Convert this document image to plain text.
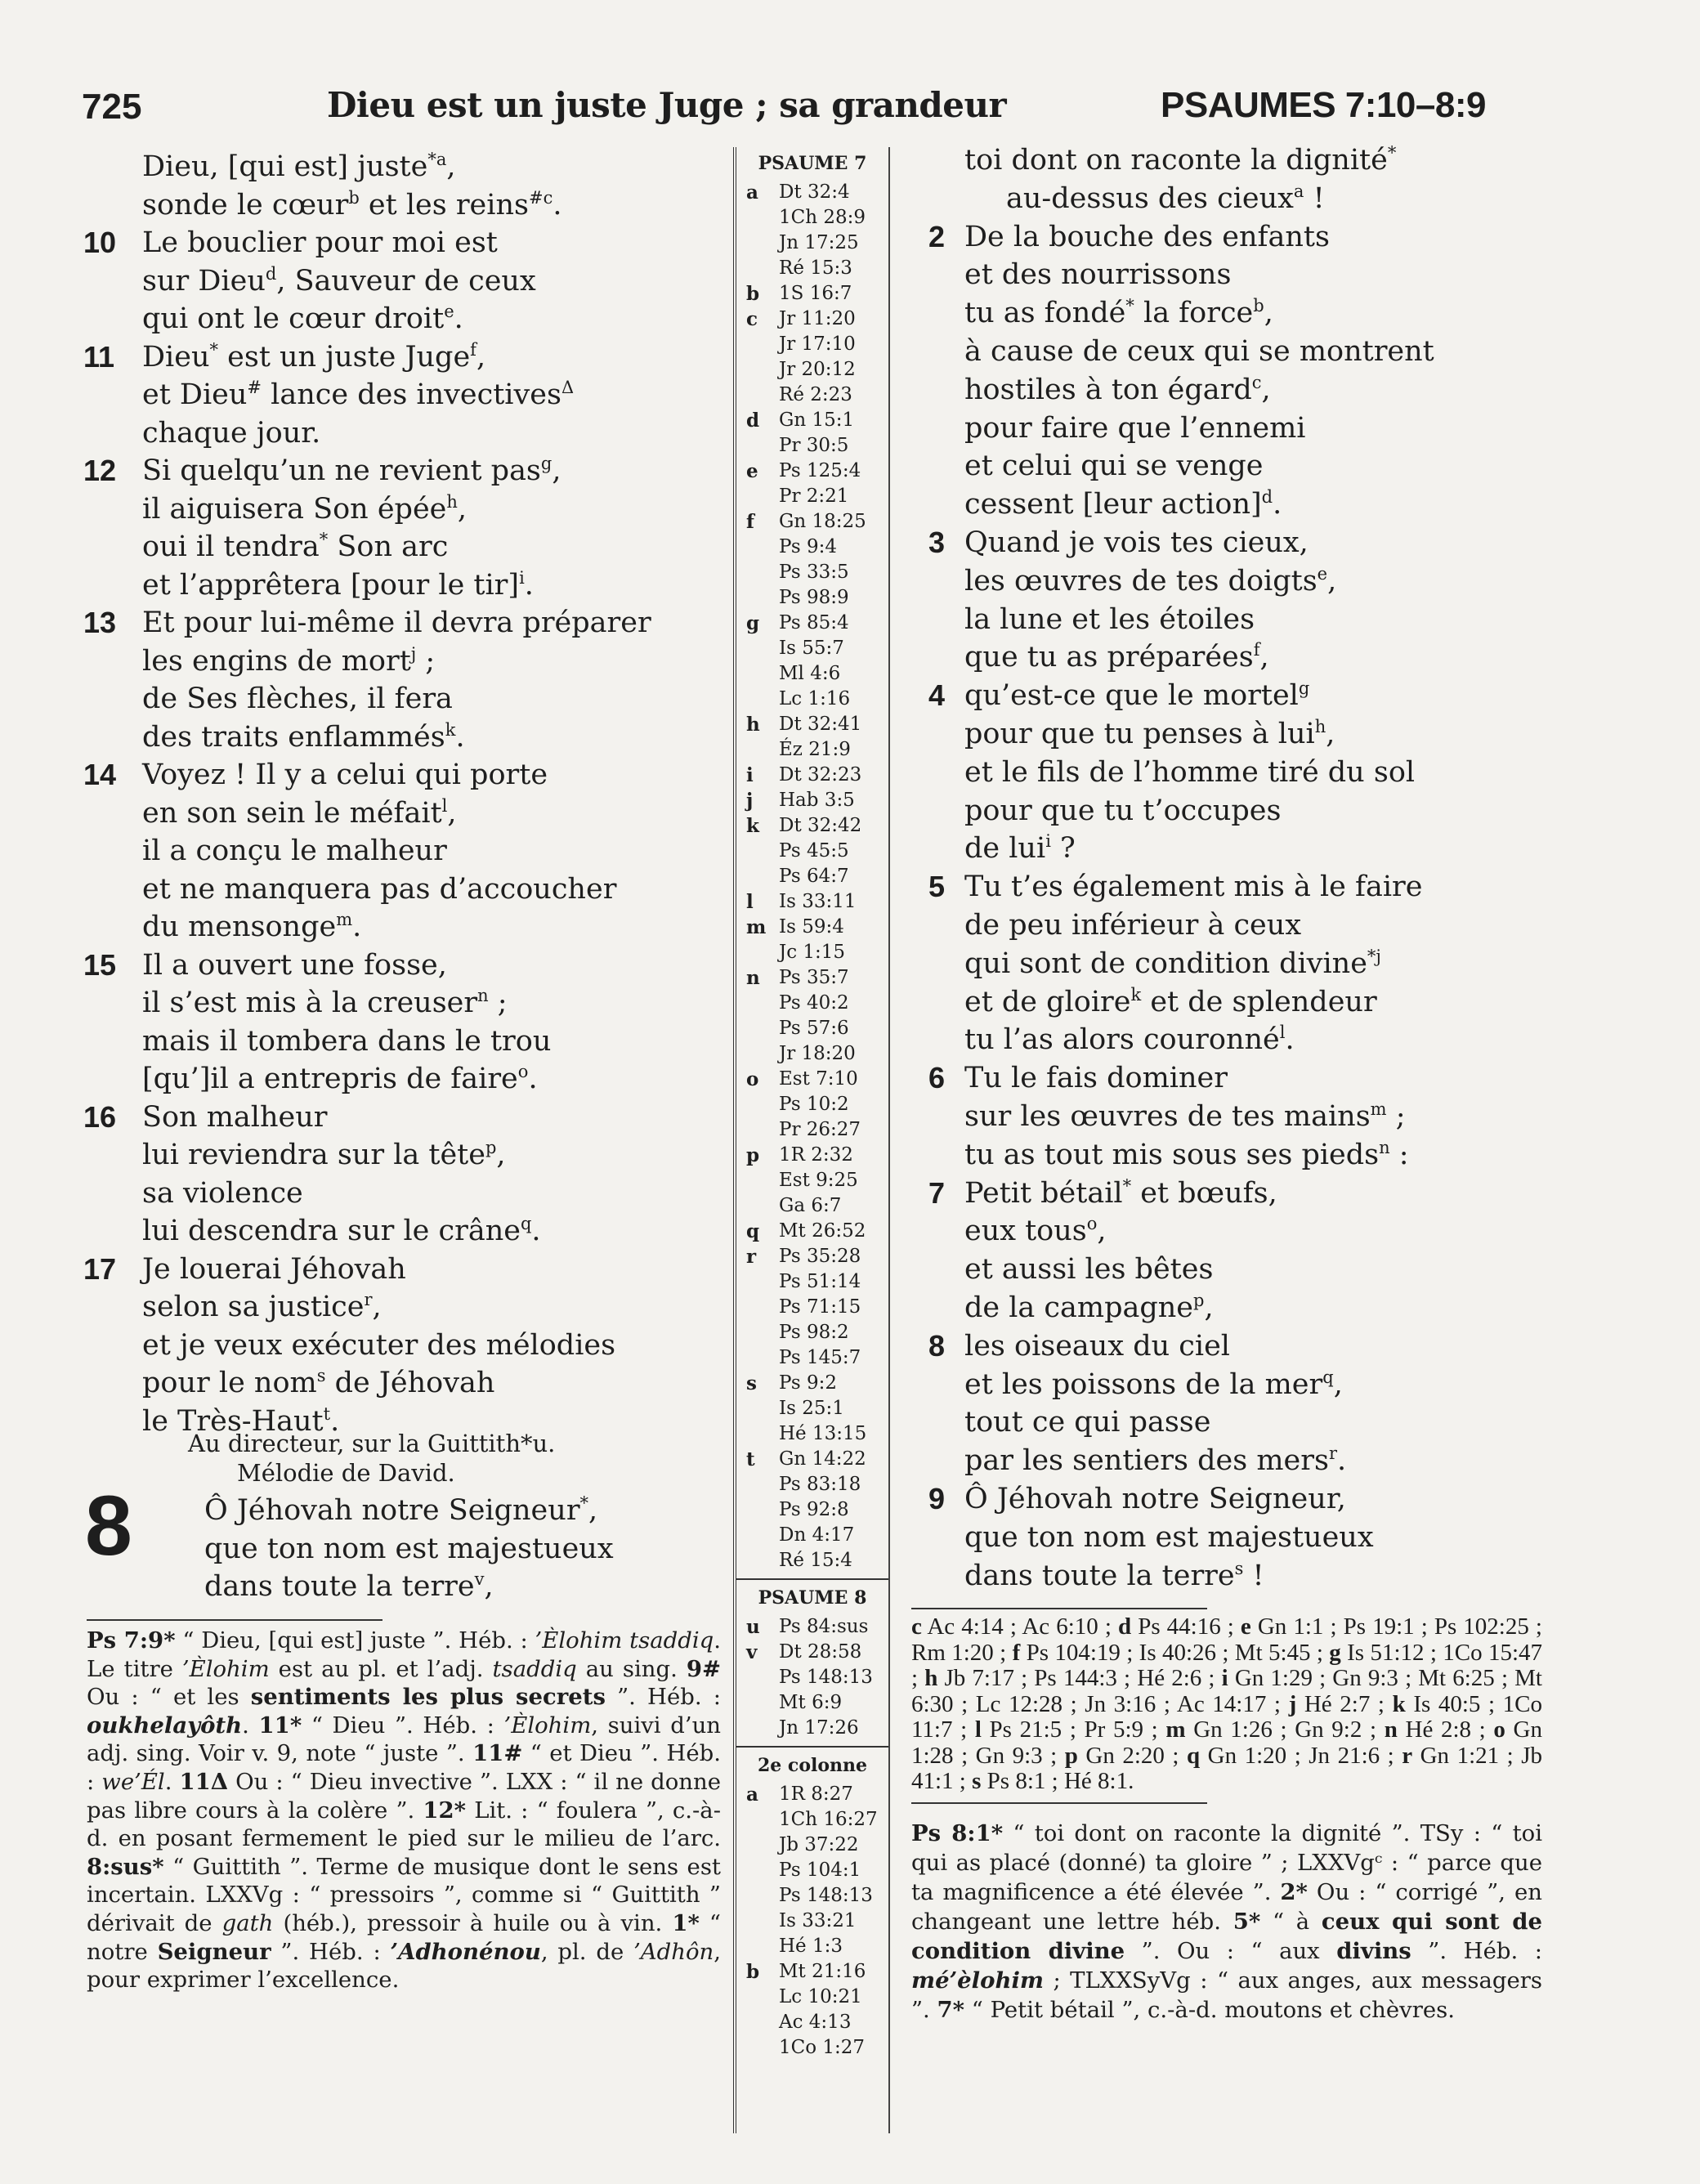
725	Dieu est un juste Juge ; sa grandeur	PSAUMES 7:10–8:9
Dieu, [qui est] juste$^{*a}$,
sonde le cœur$^b$ et les reins$^{\#c}$.
10 Le bouclier pour moi est
sur Dieu$^d$, Sauveur de ceux
qui ont le cœur droit$^e$.
11 Dieu* est un juste Juge$^f$,
et Dieu# lance des invectives$^\Delta$
chaque jour.
12 Si quelqu’un ne revient pas$^g$,
il aiguisera Son épée$^h$,
oui il tendra* Son arc
et l’apprêtera [pour le tir]$^i$.
13 Et pour lui-même il devra préparer
les engins de mort$^j$ ;
de Ses flèches, il fera
des traits enflammés$^k$.
14 Voyez ! Il y a celui qui porte
en son sein le méfait$^l$,
il a conçu le malheur
et ne manquera pas d’accoucher
du mensonge$^m$.
15 Il a ouvert une fosse,
il s’est mis à la creuser$^n$ ;
mais il tombera dans le trou
[qu’]il a entrepris de faire$^o$.
16 Son malheur
lui reviendra sur la tête$^p$,
sa violence
lui descendra sur le crâne$^q$.
17 Je louerai Jéhovah
selon sa justice$^r$,
et je veux exécuter des mélodies
pour le nom$^s$ de Jéhovah
le Très-Haut$^t$.
Au directeur, sur la Guittith*u.
Mélodie de David.
8	Ô Jéhovah notre Seigneur*,
que ton nom est majestueux
dans toute la terre$^v$,
PSAUME 7
a Dt 32:4
1Ch 28:9
Jn 17:25
Ré 15:3
b 1S 16:7
c Jr 11:20
Jr 17:10
Jr 20:12
Ré 2:23
d Gn 15:1
Pr 30:5
e Ps 125:4
Pr 2:21
f Gn 18:25
Ps 9:4
Ps 33:5
Ps 98:9
g Ps 85:4
Is 55:7
Ml 4:6
Lc 1:16
h Dt 32:41
Éz 21:9
i Dt 32:23
j Hab 3:5
k Dt 32:42
Ps 45:5
Ps 64:7
l Is 33:11
m Is 59:4
Jc 1:15
n Ps 35:7
Ps 40:2
Ps 57:6
Jr 18:20
o Est 7:10
Ps 10:2
Pr 26:27
p 1R 2:32
Est 9:25
Ga 6:7
q Mt 26:52
r Ps 35:28
Ps 51:14
Ps 71:15
Ps 98:2
Ps 145:7
s Ps 9:2
Is 25:1
Hé 13:15
t Gn 14:22
Ps 83:18
Ps 92:8
Dn 4:17
Ré 15:4
PSAUME 8
u Ps 84:sus
v Dt 28:58
Ps 148:13
Mt 6:9
Jn 17:26
2e colonne
a 1R 8:27
1Ch 16:27
Jb 37:22
Ps 104:1
Ps 148:13
Is 33:21
Hé 1:3
b Mt 21:16
Lc 10:21
Ac 4:13
1Co 1:27
toi dont on raconte la dignité*
au-dessus des cieux$^a$ !
2 De la bouche des enfants
et des nourrissons
tu as fondé* la force$^b$,
à cause de ceux qui se montrent
hostiles à ton égard$^c$,
pour faire que l’ennemi
et celui qui se venge
cessent [leur action]$^d$.
3 Quand je vois tes cieux,
les œuvres de tes doigts$^e$,
la lune et les étoiles
que tu as préparées$^f$,
4 qu’est-ce que le mortel$^g$
pour que tu penses à lui$^h$,
et le fils de l’homme tiré du sol
pour que tu t’occupes
de lui$^i$ ?
5 Tu t’es également mis à le faire
de peu inférieur à ceux
qui sont de condition divine$^{*j}$
et de gloire$^k$ et de splendeur
tu l’as alors couronné$^l$.
6 Tu le fais dominer
sur les œuvres de tes mains$^m$ ;
tu as tout mis sous ses pieds$^n$ :
7 Petit bétail* et bœufs,
eux tous$^o$,
et aussi les bêtes
de la campagne$^p$,
8 les oiseaux du ciel
et les poissons de la mer$^q$,
tout ce qui passe
par les sentiers des mers$^r$.
9 Ô Jéhovah notre Seigneur,
que ton nom est majestueux
dans toute la terre$^s$ !
Ps 7:9* “ Dieu, [qui est] juste ”. Héb. : ’Èlohim tsaddiq. Le titre ’Èlohim est au pl. et l’adj. tsaddiq au sing. 9# Ou : “ et les sentiments les plus secrets ”. Héb. : oukhelayôth. 11* “ Dieu ”. Héb. : ’Èlohim, suivi d’un adj. sing. Voir v. 9, note “ juste ”. 11# “ et Dieu ”. Héb. : we’Él. 11Δ Ou : “ Dieu invective ”. LXX : “ il ne donne pas libre cours à la colère ”. 12* Lit. : “ foulera ”, c.-à-d. en posant fermement le pied sur le milieu de l’arc. 8:sus* “ Guittith ”. Terme de musique dont le sens est incertain. LXXVg : “ pressoirs ”, comme si “ Guittith ” dérivait de gath (héb.), pressoir à huile ou à vin. 1* “ notre Seigneur ”. Héb. : ’Adhonénou, pl. de ’Adhôn, pour exprimer l’excellence.
c Ac 4:14 ; Ac 6:10 ; d Ps 44:16 ; e Gn 1:1 ; Ps 19:1 ; Ps 102:25 ; Rm 1:20 ; f Ps 104:19 ; Is 40:26 ; Mt 5:45 ; g Is 51:12 ; 1Co 15:47 ; h Jb 7:17 ; Ps 144:3 ; Hé 2:6 ; i Gn 1:29 ; Gn 9:3 ; Mt 6:25 ; Mt 6:30 ; Lc 12:28 ; Jn 3:16 ; Ac 14:17 ; j Hé 2:7 ; k Is 40:5 ; 1Co 11:7 ; l Ps 21:5 ; Pr 5:9 ; m Gn 1:26 ; Gn 9:2 ; n Hé 2:8 ; o Gn 1:28 ; Gn 9:3 ; p Gn 2:20 ; q Gn 1:20 ; Jn 21:6 ; r Gn 1:21 ; Jb 41:1 ; s Ps 8:1 ; Hé 8:1.
Ps 8:1* “ toi dont on raconte la dignité ”. TSy : “ toi qui as placé (donné) ta gloire ” ; LXXVgᶜ : “ parce que ta magnificence a été élevée ”. 2* Ou : “ corrigé ”, en changeant une lettre héb. 5* “ à ceux qui sont de condition divine ”. Ou : “ aux divins ”. Héb. : mé’èlohim ; TLXXSyVg : “ aux anges, aux messagers ”. 7* “ Petit bétail ”, c.-à-d. moutons et chèvres.
